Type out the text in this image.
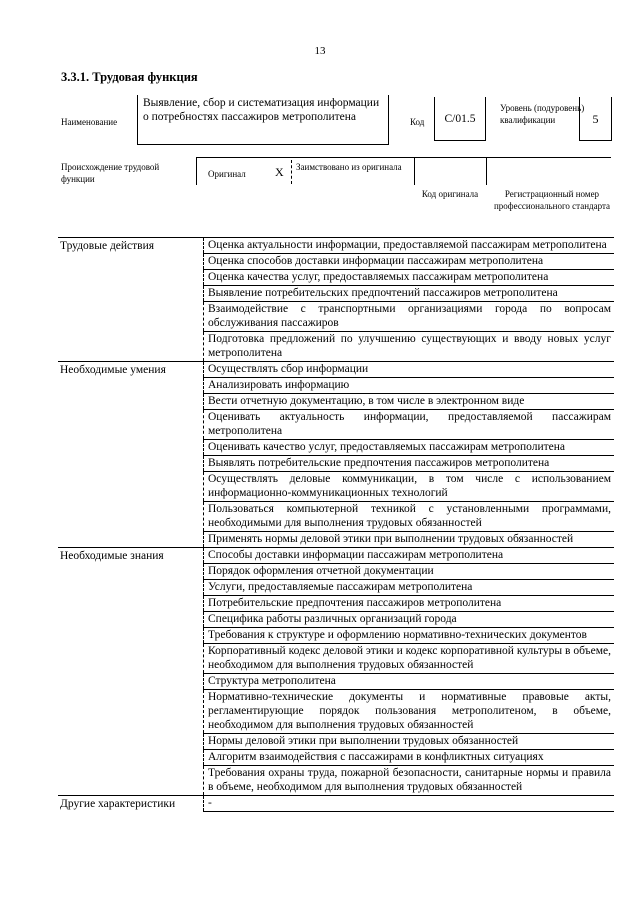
13
3.3.1. Трудовая функция
Наименование
Выявление, сбор и систематизация информации о потребностях пассажиров метрополитена	Код	C/01.5
Уровень (подуровень) квалификации	5
Происхождение трудовой функции	Оригинал X Заимствовано из оригинала
Код оригинала	Регистрационный номер профессионального стандарта
Трудовые действия	Оценка актуальности информации, предоставляемой пассажирам метрополитена

	Оценка способов доставки информации пассажирам метрополитена

	Оценка качества услуг, предоставляемых пассажирам метрополитена

	Выявление потребительских предпочтений пассажиров метрополитена

	Взаимодействие с транспортными организациями города по вопросам обслуживания пассажиров

	Подготовка предложений по улучшению существующих и вводу новых услуг метрополитена

Необходимые умения	Осуществлять сбор информации

	Анализировать информацию

	Вести отчетную документацию, в том числе в электронном виде

	Оценивать актуальность информации, предоставляемой пассажирам метрополитена

	Оценивать качество услуг, предоставляемых пассажирам метрополитена

	Выявлять потребительские предпочтения пассажиров метрополитена

	Осуществлять деловые коммуникации, в том числе с использованием информационно-коммуникационных технологий

	Пользоваться компьютерной техникой с установленными программами, необходимыми для выполнения трудовых обязанностей

	Применять нормы деловой этики при выполнении трудовых обязанностей

Необходимые знания	Способы доставки информации пассажирам метрополитена

	Порядок оформления отчетной документации

	Услуги, предоставляемые пассажирам метрополитена

	Потребительские предпочтения пассажиров метрополитена

	Специфика работы различных организаций города

	Требования к структуре и оформлению нормативно-технических документов

	Корпоративный кодекс деловой этики и кодекс корпоративной культуры в объеме, необходимом для выполнения трудовых обязанностей

	Структура метрополитена

	Нормативно-технические документы и нормативные правовые акты, регламентирующие порядок пользования метрополитеном, в объеме, необходимом для выполнения трудовых обязанностей

	Нормы деловой этики при выполнении трудовых обязанностей

	Алгоритм взаимодействия с пассажирами в конфликтных ситуациях

	Требования охраны труда, пожарной безопасности, санитарные нормы и правила в объеме, необходимом для выполнения трудовых обязанностей

Другие характеристики	-
